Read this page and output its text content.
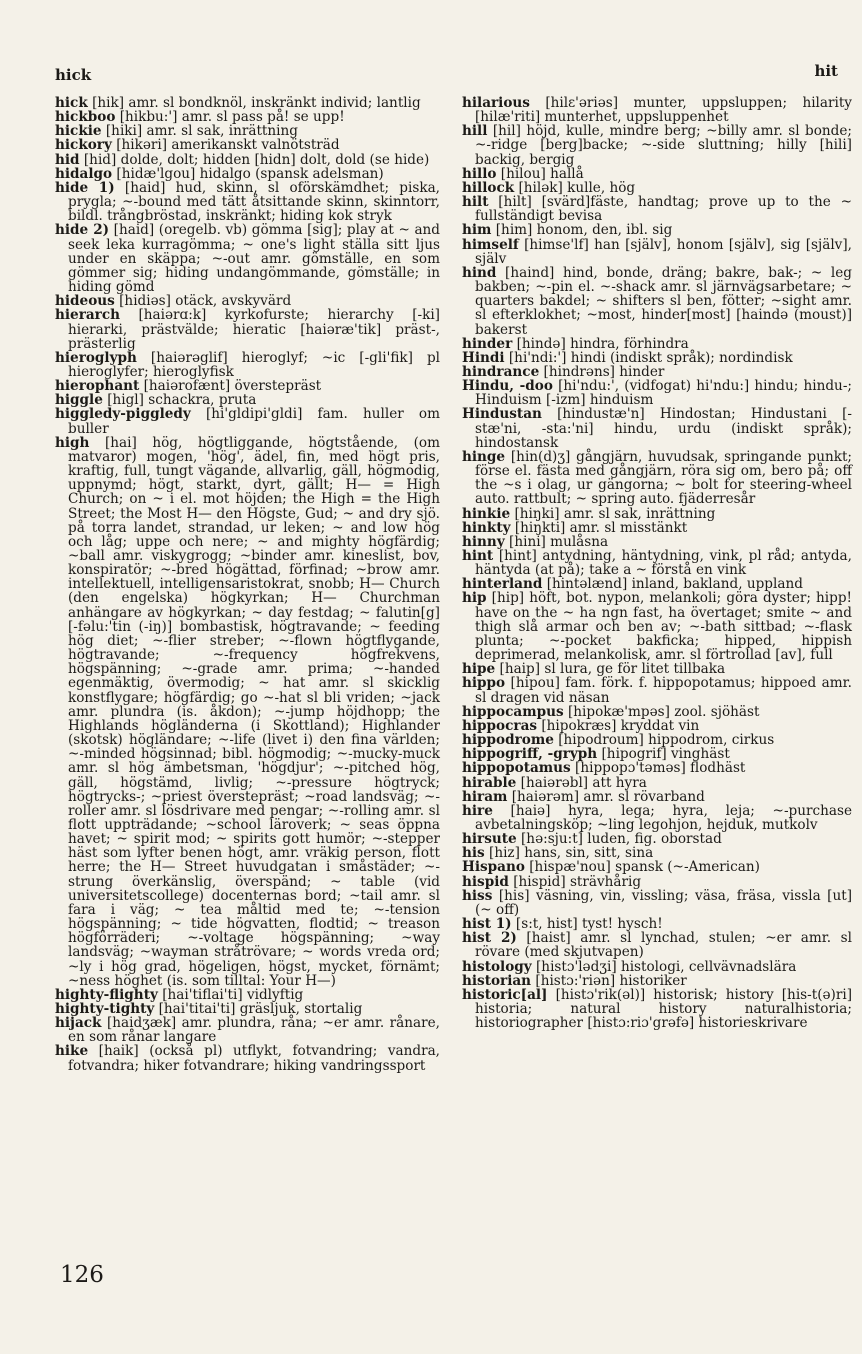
hick	hit

hick [hik] amr. sl bondknöl, inskränkt individ; lantlig

hickboo [hikbu:'] amr. sl pass på! se upp!

hickie [hiki] amr. sl sak, inrättning

hickory [hikəri] amerikanskt valnötsträd

hid [hid] dolde, dolt; hidden [hidn] dolt, dold (se hide)

hidalgo [hidæ'lgou] hidalgo (spansk adelsman)

hide 1) [haid] hud, skinn, sl oförskämdhet; piska, prygla; ~-bound med tätt åtsittande skinn, skinntorr, bildl. trångbröstad, inskränkt; hiding kok stryk

hide 2) [haid] (oregelb. vb) gömma [sig]; play at ~ and seek leka kurragömma; ~ one's light ställa sitt ljus under en skäppa; ~-out amr. gömställe, en som gömmer sig; hiding undangömmande, gömställe; in hiding gömd

hideous [hidiəs] otäck, avskyvärd

hierarch [haiərɑ:k] kyrkofurste; hierarchy [-ki] hierarki, prästvälde; hieratic [haiəræ'tik] präst-, prästerlig

hieroglyph [haiərəglif] hieroglyf; ~ic [-gli'fik] pl hieroglyfer; hieroglyfisk

hierophant [haiərofænt] överstepräst

higgle [higl] schackra, pruta

higgledy-piggledy [hi'gldipi'gldi] fam. huller om buller

high [hai] hög, högtliggande, högtstående, (om matvaror) mogen, 'hög', ädel, fin, med högt pris, kraftig, full, tungt vägande, allvarlig, gäll, högmodig, uppnymd; högt, starkt, dyrt, gällt; H— = High Church; on ~ i el. mot höjden; the High = the High Street; the Most H— den Högste, Gud; ~ and dry sjö. på torra landet, strandad, ur leken; ~ and low hög och låg; uppe och nere; ~ and mighty högfärdig; ~ball amr. viskygrogg; ~binder amr. kineslist, bov, konspiratör; ~-bred högättad, förfinad; ~brow amr. intellektuell, intelligensaristokrat, snobb; H— Church (den engelska) högkyrkan; H— Churchman anhängare av högkyrkan; ~ day festdag; ~ falutin[g] [-fəlu:'tin (-iŋ)] bombastisk, högtravande; ~ feeding hög diet; ~-flier streber; ~-flown högtflygande, högtravande; ~-frequency högfrekvens, högspänning; ~-grade amr. prima; ~-handed egenmäktig, övermodig; ~ hat amr. sl skicklig konstflygare; högfärdig; go ~-hat sl bli vriden; ~jack amr. plundra (is. åkdon); ~-jump höjdhopp; the Highlands högländerna (i Skottland); Highlander (skotsk) högländare; ~-life (livet i) den fina världen; ~-minded högsinnad; bibl. högmodig; ~-mucky-muck amr. sl hög ämbetsman, 'högdjur'; ~-pitched hög, gäll, högstämd, livlig; ~-pressure högtryck; högtrycks-; ~priest överstepräst; ~road landsväg; ~-roller amr. sl lösdrivare med pengar; ~-rolling amr. sl flott uppträdande; ~school läroverk; ~ seas öppna havet; ~ spirit mod; ~ spirits gott humör; ~-stepper häst som lyfter benen högt, amr. vräkig person, flott herre; the H— Street huvudgatan i småstäder; ~-strung överkänslig, överspänd; ~ table (vid universitetscollege) docenternas bord; ~tail amr. sl fara i väg; ~ tea måltid med te; ~-tension högspänning; ~ tide högvatten, flodtid; ~ treason högförräderi; ~-voltage högspänning; ~way landsväg; ~wayman stråtrövare; ~ words vreda ord; ~ly i hög grad, högeligen, högst, mycket, förnämt; ~ness höghet (is. som tilltal: Your H—)

highty-flighty [hai'tiflai'ti] vidlyftig

highty-tighty [hai'titai'ti] gräsljuk, stortalig

hijack [haidʒæk] amr. plundra, råna; ~er amr. rånare, en som rånar langare

hike [haik] (också pl) utflykt, fotvandring; vandra, fotvandra; hiker fotvandrare; hiking vandringssport

hilarious [hilɛ'əriəs] munter, uppsluppen; hilarity [hilæ'riti] munterhet, uppsluppenhet

hill [hil] höjd, kulle, mindre berg; ~billy amr. sl bonde; ~-ridge [berg]backe; ~-side sluttning; hilly [hili] backig, bergig

hillo [hilou] hallå

hillock [hilək] kulle, hög

hilt [hilt] [svärd]fäste, handtag; prove up to the ~ fullständigt bevisa

him [him] honom, den, ibl. sig

himself [himse'lf] han [själv], honom [själv], sig [själv], själv

hind [haind] hind, bonde, dräng; bakre, bak-; ~ leg bakben; ~-pin el. ~-shack amr. sl järnvägsarbetare; ~ quarters bakdel; ~ shifters sl ben, fötter; ~sight amr. sl efterklokhet; ~most, hinder[most] [haində (moust)] bakerst

hinder [hində] hindra, förhindra

Hindi [hi'ndi:'] hindi (indiskt språk); nordindisk

hindrance [hindrəns] hinder

Hindu, -doo [hi'ndu:', (vidfogat) hi'ndu:] hindu; hindu-; Hinduism [-izm] hinduism

Hindustan [hindustæ'n] Hindostan; Hindustani [-stæ'ni, -sta:'ni] hindu, urdu (indiskt språk); hindostansk

hinge [hin(d)ʒ] gångjärn, huvudsak, springande punkt; förse el. fästa med gångjärn, röra sig om, bero på; off the ~s i olag, ur gängorna; ~ bolt for steering-wheel auto. rattbult; ~ spring auto. fjäderresår

hinkie [hiŋki] amr. sl sak, inrättning

hinkty [hiŋkti] amr. sl misstänkt

hinny [hini] mulåsna

hint [hint] antydning, häntydning, vink, pl råd; antyda, häntyda (at på); take a ~ förstå en vink

hinterland [hintəlænd] inland, bakland, uppland

hip [hip] höft, bot. nypon, melankoli; göra dyster; hipp! have on the ~ ha ngn fast, ha övertaget; smite ~ and thigh slå armar och ben av; ~-bath sittbad; ~-flask plunta; ~-pocket bakficka; hipped, hippish deprimerad, melankolisk, amr. sl förtrollad [av], full

hipe [haip] sl lura, ge för litet tillbaka

hippo [hipou] fam. förk. f. hippopotamus; hippoed amr. sl dragen vid näsan

hippocampus [hipokæ'mpəs] zool. sjöhäst

hippocras [hipokræs] kryddat vin

hippodrome [hipodroum] hippodrom, cirkus

hippogriff, -gryph [hipogrif] vinghäst

hippopotamus [hippopɔ'təməs] flodhäst

hirable [haiərəbl] att hyra

hiram [haiərəm] amr. sl rövarband

hire [haiə] hyra, lega; hyra, leja; ~-purchase avbetalningsköp; ~ling legohjon, hejduk, mutkolv

hirsute [hə:sju:t] luden, fig. oborstad

his [hiz] hans, sin, sitt, sina

Hispano [hispæ'nou] spansk (~-American)

hispid [hispid] strävhårig

hiss [his] väsning, vin, vissling; väsa, fräsa, vissla [ut] (~ off)

hist 1) [s:t, hist] tyst! hysch!

hist 2) [haist] amr. sl lynchad, stulen; ~er amr. sl rövare (med skjutvapen)

histology [histɔ'lədʒi] histologi, cellvävnadslära

historian [histɔ:'riən] historiker

historic[al] [histɔ'rik(əl)] historisk; history [his-t(ə)ri] historia; natural history naturalhistoria; historiographer [histɔ:riɔ'grəfə] historieskrivare

126
